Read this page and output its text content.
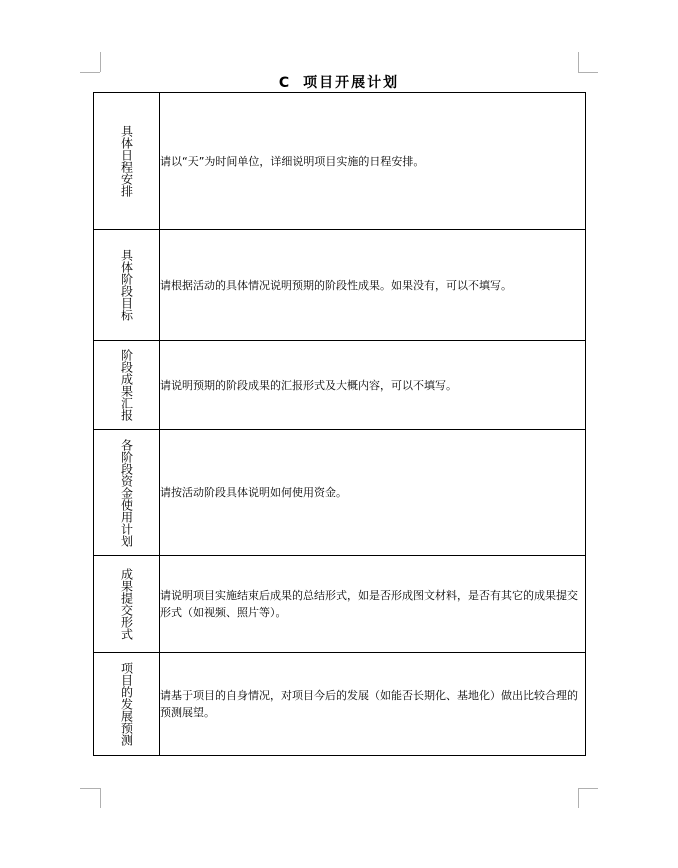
C 项目开展计划
具体日程安排	请以“天”为时间单位，详细说明项目实施的日程安排。

具体阶段目标	请根据活动的具体情况说明预期的阶段性成果。如果没有，可以不填写。

阶段成果汇报	请说明预期的阶段成果的汇报形式及大概内容，可以不填写。

各阶段资金使用计划	请按活动阶段具体说明如何使用资金。

成果提交形式	请说明项目实施结束后成果的总结形式，如是否形成图文材料，是否有其它的成果提交形式（如视频、照片等）。

项目的发展预测	请基于项目的自身情况，对项目今后的发展（如能否长期化、基地化）做出比较合理的预测展望。
